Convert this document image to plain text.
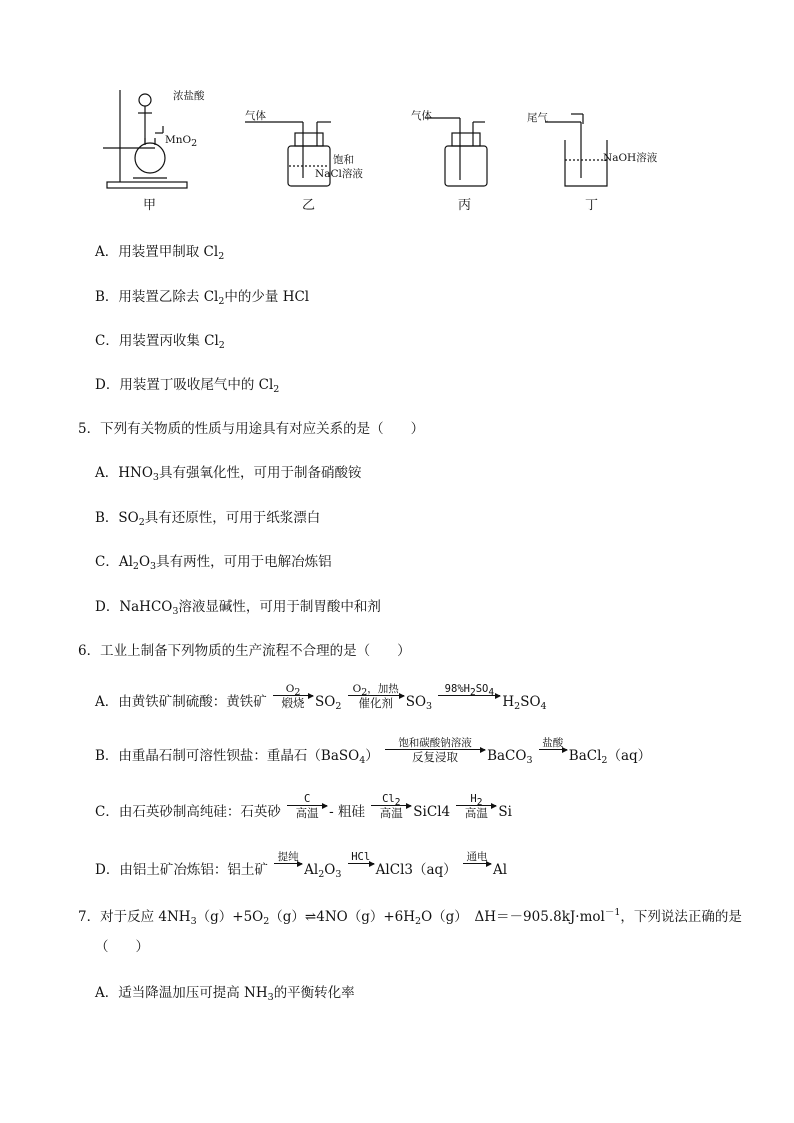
浓盐酸
MnO$_2$
甲
气体
饱和
NaCl溶液
乙
气体
丙
尾气
NaOH溶液
丁
A．用装置甲制取 $Cl_2$
B．用装置乙除去 $Cl_2$中的少量 HCl
C．用装置丙收集 $Cl_2$
D．用装置丁吸收尾气中的 $Cl_2$
5．下列有关物质的性质与用途具有对应关系的是（　　）
A．$HNO_3$具有强氧化性，可用于制备硝酸铵
B．$SO_2$具有还原性，可用于纸浆漂白
C．$Al_2O_3$具有两性，可用于电解冶炼铝
D．NaHCO$_3$溶液显碱性，可用于制胃酸中和剂
6．工业上制备下列物质的生产流程不合理的是（　　）
A．由黄铁矿制硫酸：黄铁矿
$O_2$
煅烧 $SO_2$
$O_2$，加热
催化剂 $SO_3$
$98\%H_2SO_4$

$H_2SO_4$
B．由重晶石制可溶性钡盐：重晶石（BaSO$_4$）
饱和碳酸钠溶液
反复浸取	BaCO$_3$
盐酸

BaCl$_2$（aq）
C．由石英砂制高纯硅：石英砂
C
高温 - 粗硅
$Cl_2$
高温 SiCl4
$H_2$
高温 Si
D．由铝土矿冶炼铝：铝土矿
提纯

$Al_2O_3$
HCl

AlCl3（aq）
通电

Al
7．对于反应 $4NH_3(g)+5O_2(g)\rightleftharpoons 4NO(g)+6H_2O(g)$　ΔH＝－905.8kJ·mol$^{-1}$，下列说法正确的是
（　　）
A．适当降温加压可提高 $NH_3$的平衡转化率
